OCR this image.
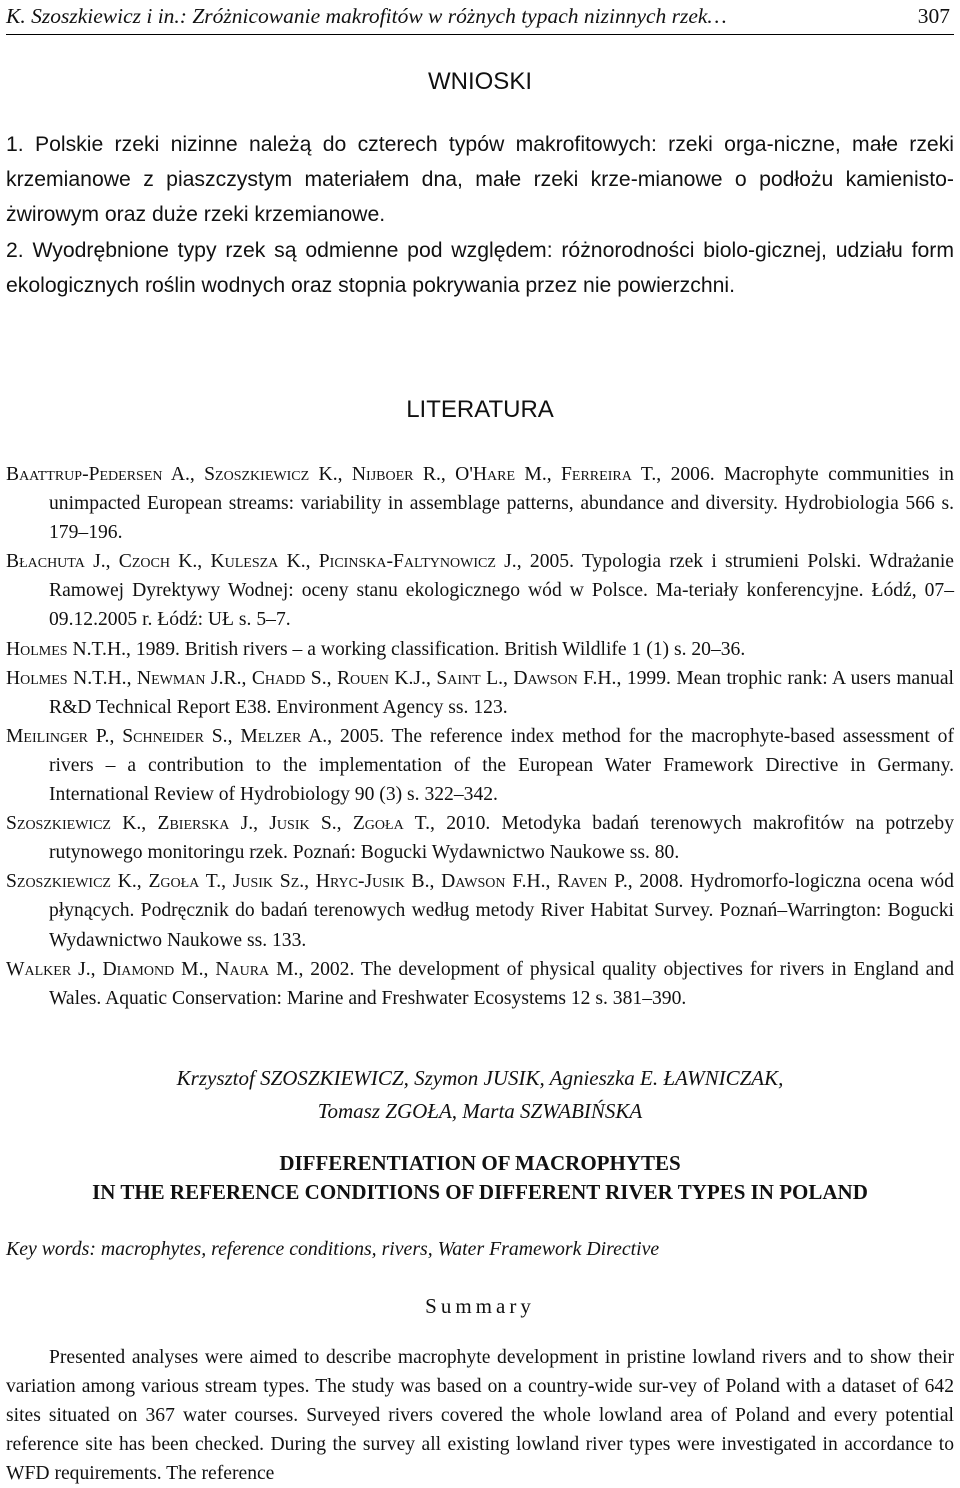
K. Szoszkiewicz i in.: Zróżnicowanie makrofitów w różnych typach nizinnych rzek…	307
WNIOSKI

1. Polskie rzeki nizinne należą do czterech typów makrofitowych: rzeki orga-niczne, małe rzeki krzemianowe z piaszczystym materiałem dna, małe rzeki krze-mianowe o podłożu kamienisto-żwirowym oraz duże rzeki krzemianowe.

2. Wyodrębnione typy rzek są odmienne pod względem: różnorodności biolo-gicznej, udziału form ekologicznych roślin wodnych oraz stopnia pokrywania przez nie powierzchni.

LITERATURA

Baattrup-Pedersen A., Szoszkiewicz K., Nijboer R., O'Hare M., Ferreira T., 2006. Macrophyte communities in unimpacted European streams: variability in assemblage patterns, abundance and diversity. Hydrobiologia 566 s. 179–196.

Błachuta J., Czoch K., Kulesza K., Picinska-Faltynowicz J., 2005. Typologia rzek i strumieni Polski. Wdrażanie Ramowej Dyrektywy Wodnej: oceny stanu ekologicznego wód w Polsce. Ma-teriały konferencyjne. Łódź, 07–09.12.2005 r. Łódź: UŁ s. 5–7.

Holmes N.T.H., 1989. British rivers – a working classification. British Wildlife 1 (1) s. 20–36.

Holmes N.T.H., Newman J.R., Chadd S., Rouen K.J., Saint L., Dawson F.H., 1999. Mean trophic rank: A users manual R&D Technical Report E38. Environment Agency ss. 123.

Meilinger P., Schneider S., Melzer A., 2005. The reference index method for the macrophyte-based assessment of rivers – a contribution to the implementation of the European Water Framework Directive in Germany. International Review of Hydrobiology 90 (3) s. 322–342.

Szoszkiewicz K., Zbierska J., Jusik S., Zgoła T., 2010. Metodyka badań terenowych makrofitów na potrzeby rutynowego monitoringu rzek. Poznań: Bogucki Wydawnictwo Naukowe ss. 80.

Szoszkiewicz K., Zgoła T., Jusik Sz., Hryc-Jusik B., Dawson F.H., Raven P., 2008. Hydromorfo-logiczna ocena wód płynących. Podręcznik do badań terenowych według metody River Habitat Survey. Poznań–Warrington: Bogucki Wydawnictwo Naukowe ss. 133.

Walker J., Diamond M., Naura M., 2002. The development of physical quality objectives for rivers in England and Wales. Aquatic Conservation: Marine and Freshwater Ecosystems 12 s. 381–390.

Krzysztof SZOSZKIEWICZ, Szymon JUSIK, Agnieszka E. ŁAWNICZAK,
Tomasz ZGOŁA, Marta SZWABIŃSKA
DIFFERENTIATION OF MACROPHYTES
IN THE REFERENCE CONDITIONS OF DIFFERENT RIVER TYPES IN POLAND
Key words: macrophytes, reference conditions, rivers, Water Framework Directive
Summary
Presented analyses were aimed to describe macrophyte development in pristine lowland rivers and to show their variation among various stream types. The study was based on a country-wide sur-vey of Poland with a dataset of 642 sites situated on 367 water courses. Surveyed rivers covered the whole lowland area of Poland and every potential reference site has been checked. During the survey all existing lowland river types were investigated in accordance to WFD requirements. The reference
